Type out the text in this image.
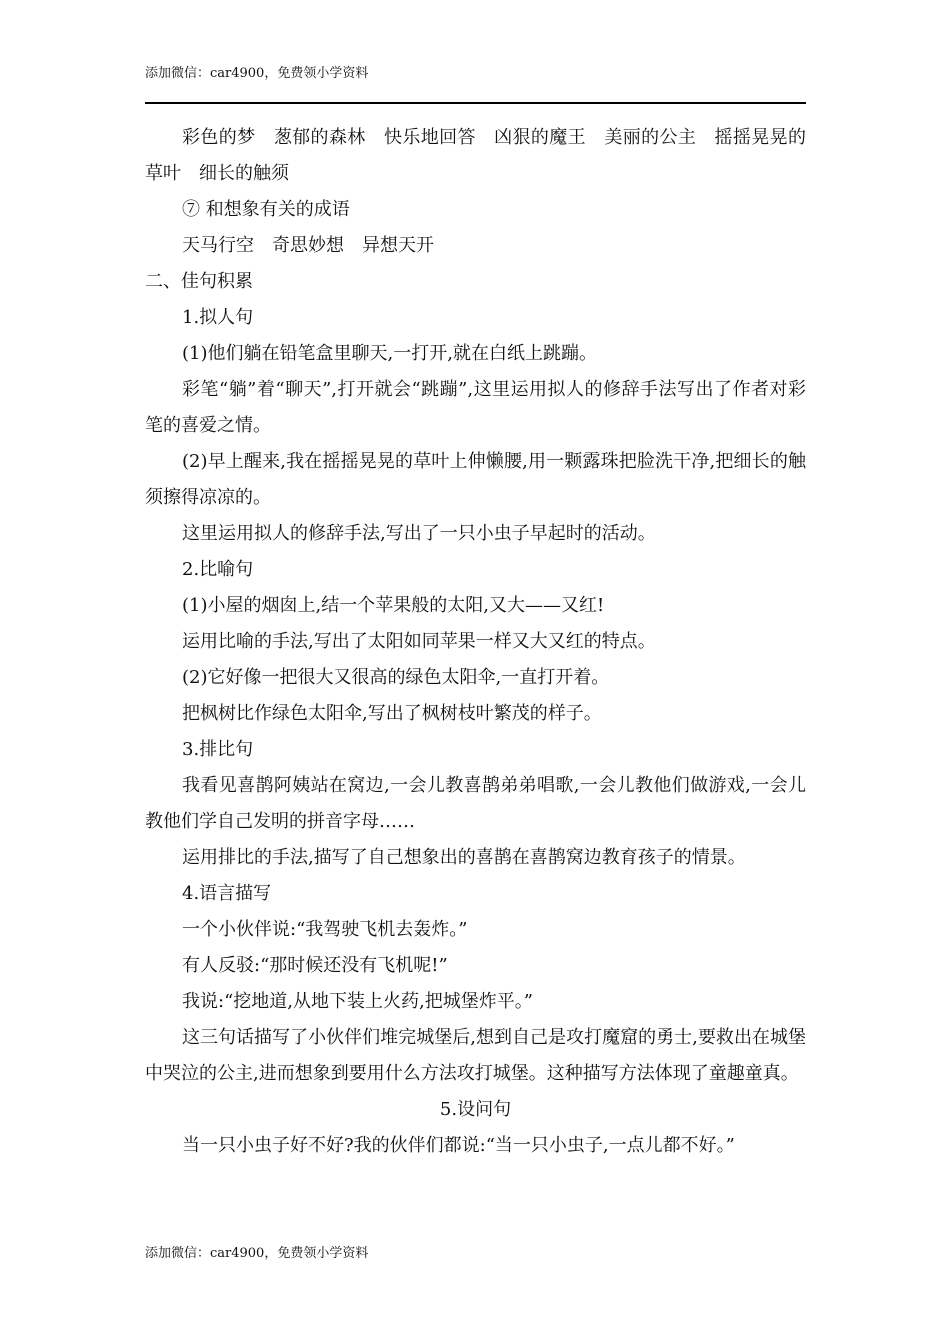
添加微信：car4900，免费领小学资料

彩色的梦　葱郁的森林　快乐地回答　凶狠的魔王　美丽的公主　摇摇晃晃的草叶　细长的触须

⑦ 和想象有关的成语

天马行空　奇思妙想　异想天开

二、佳句积累

1.拟人句

(1)他们躺在铅笔盒里聊天,一打开,就在白纸上跳蹦。

彩笔“躺”着“聊天”,打开就会“跳蹦”,这里运用拟人的修辞手法写出了作者对彩笔的喜爱之情。

(2)早上醒来,我在摇摇晃晃的草叶上伸懒腰,用一颗露珠把脸洗干净,把细长的触须擦得凉凉的。

这里运用拟人的修辞手法,写出了一只小虫子早起时的活动。

2.比喻句

(1)小屋的烟囱上,结一个苹果般的太阳,又大——又红!

运用比喻的手法,写出了太阳如同苹果一样又大又红的特点。

(2)它好像一把很大又很高的绿色太阳伞,一直打开着。

把枫树比作绿色太阳伞,写出了枫树枝叶繁茂的样子。

3.排比句

我看见喜鹊阿姨站在窝边,一会儿教喜鹊弟弟唱歌,一会儿教他们做游戏,一会儿教他们学自己发明的拼音字母……

运用排比的手法,描写了自己想象出的喜鹊在喜鹊窝边教育孩子的情景。

4.语言描写

一个小伙伴说:“我驾驶飞机去轰炸。”

有人反驳:“那时候还没有飞机呢!”

我说:“挖地道,从地下装上火药,把城堡炸平。”

这三句话描写了小伙伴们堆完城堡后,想到自己是攻打魔窟的勇士,要救出在城堡中哭泣的公主,进而想象到要用什么方法攻打城堡。这种描写方法体现了童趣童真。

5.设问句

当一只小虫子好不好?我的伙伴们都说:“当一只小虫子,一点儿都不好。”

添加微信：car4900，免费领小学资料
